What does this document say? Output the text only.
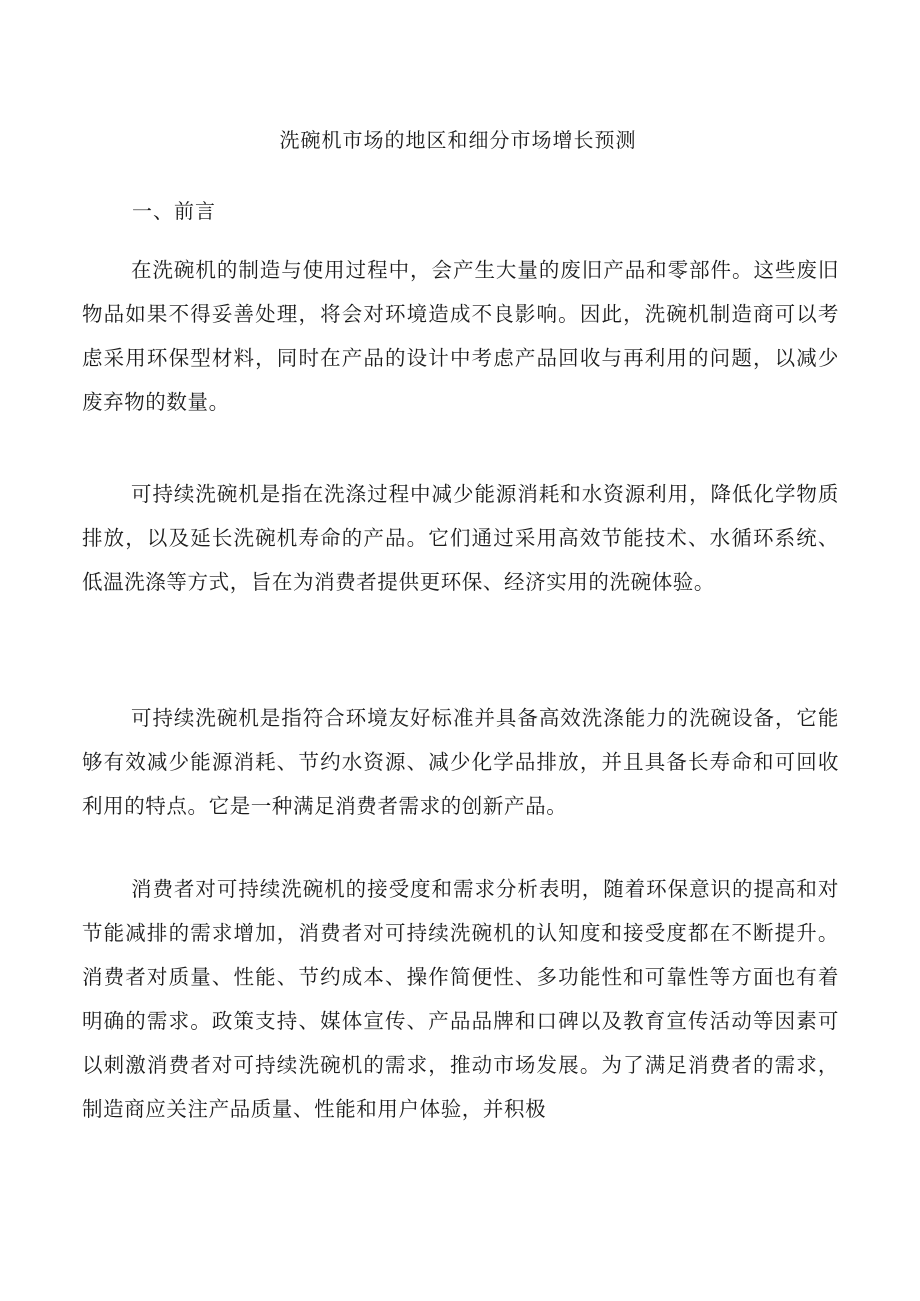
洗碗机市场的地区和细分市场增长预测
一、前言

在洗碗机的制造与使用过程中，会产生大量的废旧产品和零部件。这些废旧物品如果不得妥善处理，将会对环境造成不良影响。因此，洗碗机制造商可以考虑采用环保型材料，同时在产品的设计中考虑产品回收与再利用的问题，以减少废弃物的数量。

可持续洗碗机是指在洗涤过程中减少能源消耗和水资源利用，降低化学物质排放，以及延长洗碗机寿命的产品。它们通过采用高效节能技术、水循环系统、低温洗涤等方式，旨在为消费者提供更环保、经济实用的洗碗体验。

可持续洗碗机是指符合环境友好标准并具备高效洗涤能力的洗碗设备，它能够有效减少能源消耗、节约水资源、减少化学品排放，并且具备长寿命和可回收利用的特点。它是一种满足消费者需求的创新产品。

消费者对可持续洗碗机的接受度和需求分析表明，随着环保意识的提高和对节能减排的需求增加，消费者对可持续洗碗机的认知度和接受度都在不断提升。消费者对质量、性能、节约成本、操作简便性、多功能性和可靠性等方面也有着明确的需求。政策支持、媒体宣传、产品品牌和口碑以及教育宣传活动等因素可以刺激消费者对可持续洗碗机的需求，推动市场发展。为了满足消费者的需求，制造商应关注产品质量、性能和用户体验，并积极
